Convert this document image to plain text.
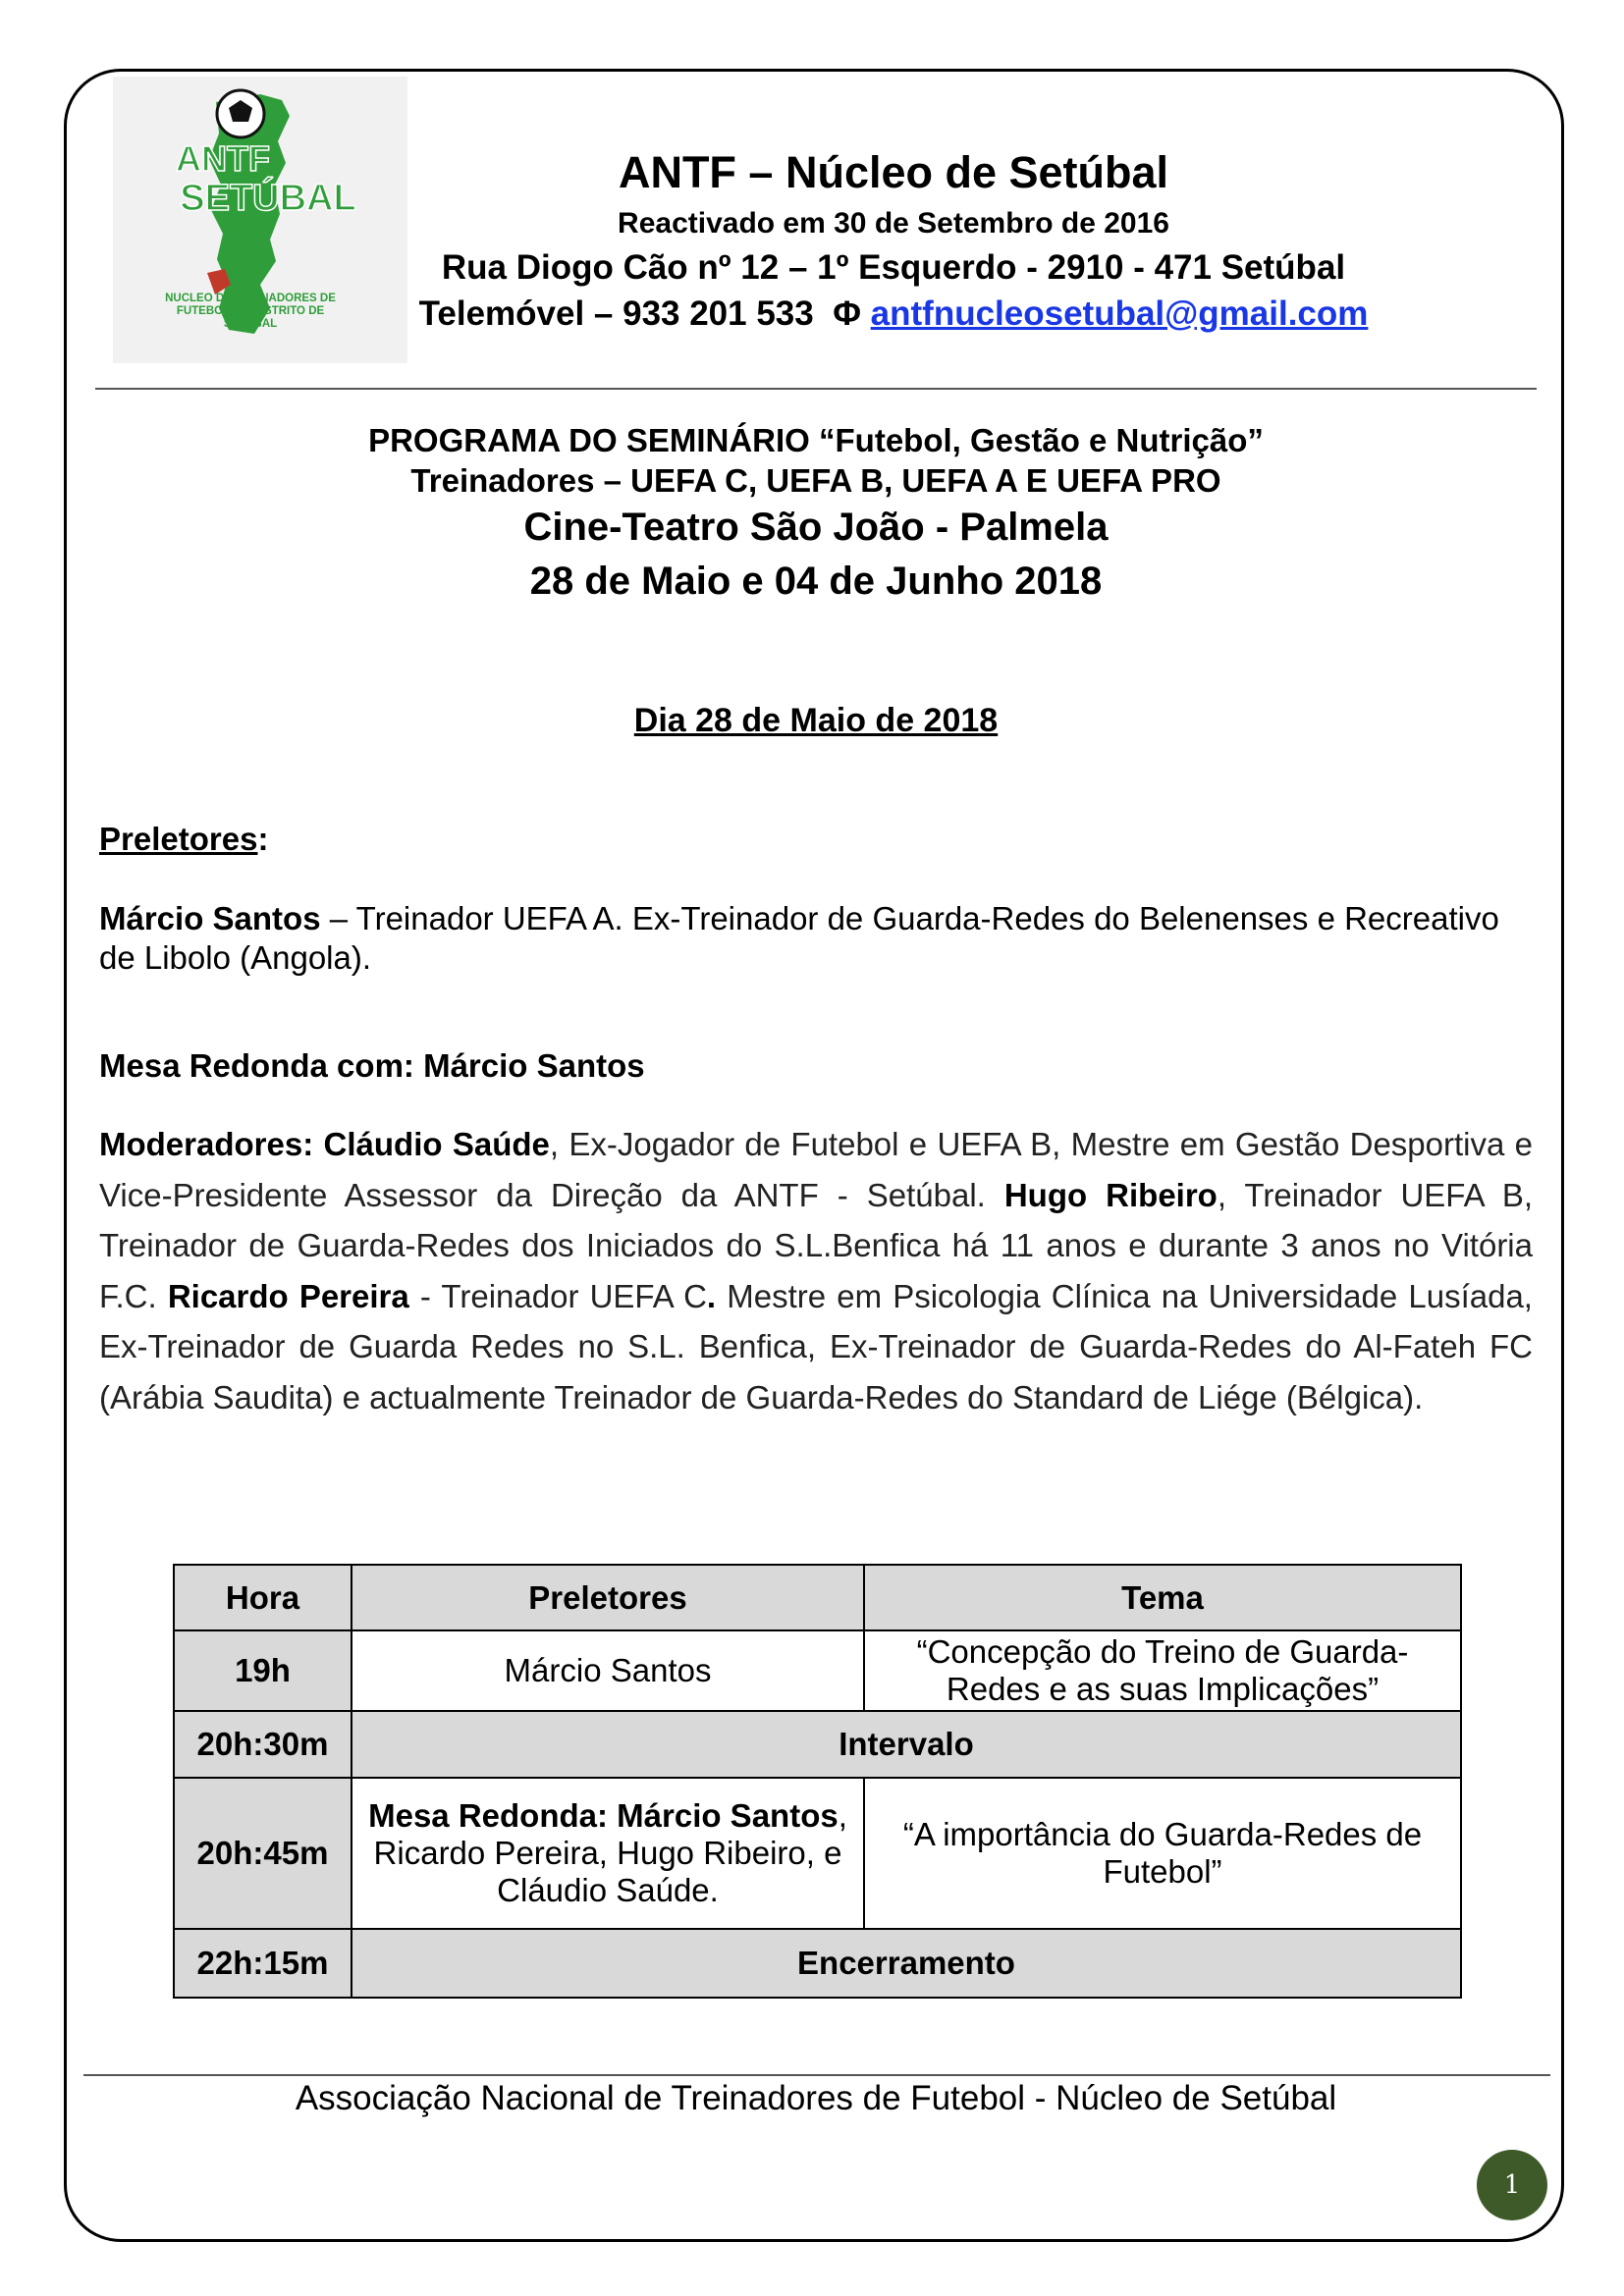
ANTF
SETÚBAL
NÚCLEO DE TREINADORES DE FUTEBOL DO DISTRITO DE SETÚBAL
ANTF – Núcleo de Setúbal
Reactivado em 30 de Setembro de 2016
Rua Diogo Cão nº 12 – 1º Esquerdo - 2910 - 471 Setúbal
Telemóvel – 933 201 533 Φ antfnucleosetubal@gmail.com
PROGRAMA DO SEMINÁRIO “Futebol, Gestão e Nutrição”
Treinadores – UEFA C, UEFA B, UEFA A E UEFA PRO
Cine-Teatro São João - Palmela
28 de Maio e 04 de Junho 2018
Dia 28 de Maio de 2018
Preletores:
Márcio Santos – Treinador UEFA A. Ex-Treinador de Guarda-Redes do Belenenses e Recreativo de Libolo (Angola).
Mesa Redonda com: Márcio Santos
Moderadores: Cláudio Saúde, Ex-Jogador de Futebol e UEFA B, Mestre em Gestão Desportiva e Vice-Presidente Assessor da Direção da ANTF - Setúbal. Hugo Ribeiro, Treinador UEFA B, Treinador de Guarda-Redes dos Iniciados do S.L.Benfica há 11 anos e durante 3 anos no Vitória F.C. Ricardo Pereira - Treinador UEFA C. Mestre em Psicologia Clínica na Universidade Lusíada, Ex-Treinador de Guarda Redes no S.L. Benfica, Ex-Treinador de Guarda-Redes do Al-Fateh FC (Arábia Saudita) e actualmente Treinador de Guarda-Redes do Standard de Liége (Bélgica).
Hora	Preletores	Tema
19h	Márcio Santos	“Concepção do Treino de Guarda-Redes e as suas Implicações”
20h:30m	Intervalo	
20h:45m	Mesa Redonda: Márcio Santos, Ricardo Pereira, Hugo Ribeiro, e Cláudio Saúde.	“A importância do Guarda-Redes de Futebol”
22h:15m	Encerramento	
Associação Nacional de Treinadores de Futebol - Núcleo de Setúbal
1
